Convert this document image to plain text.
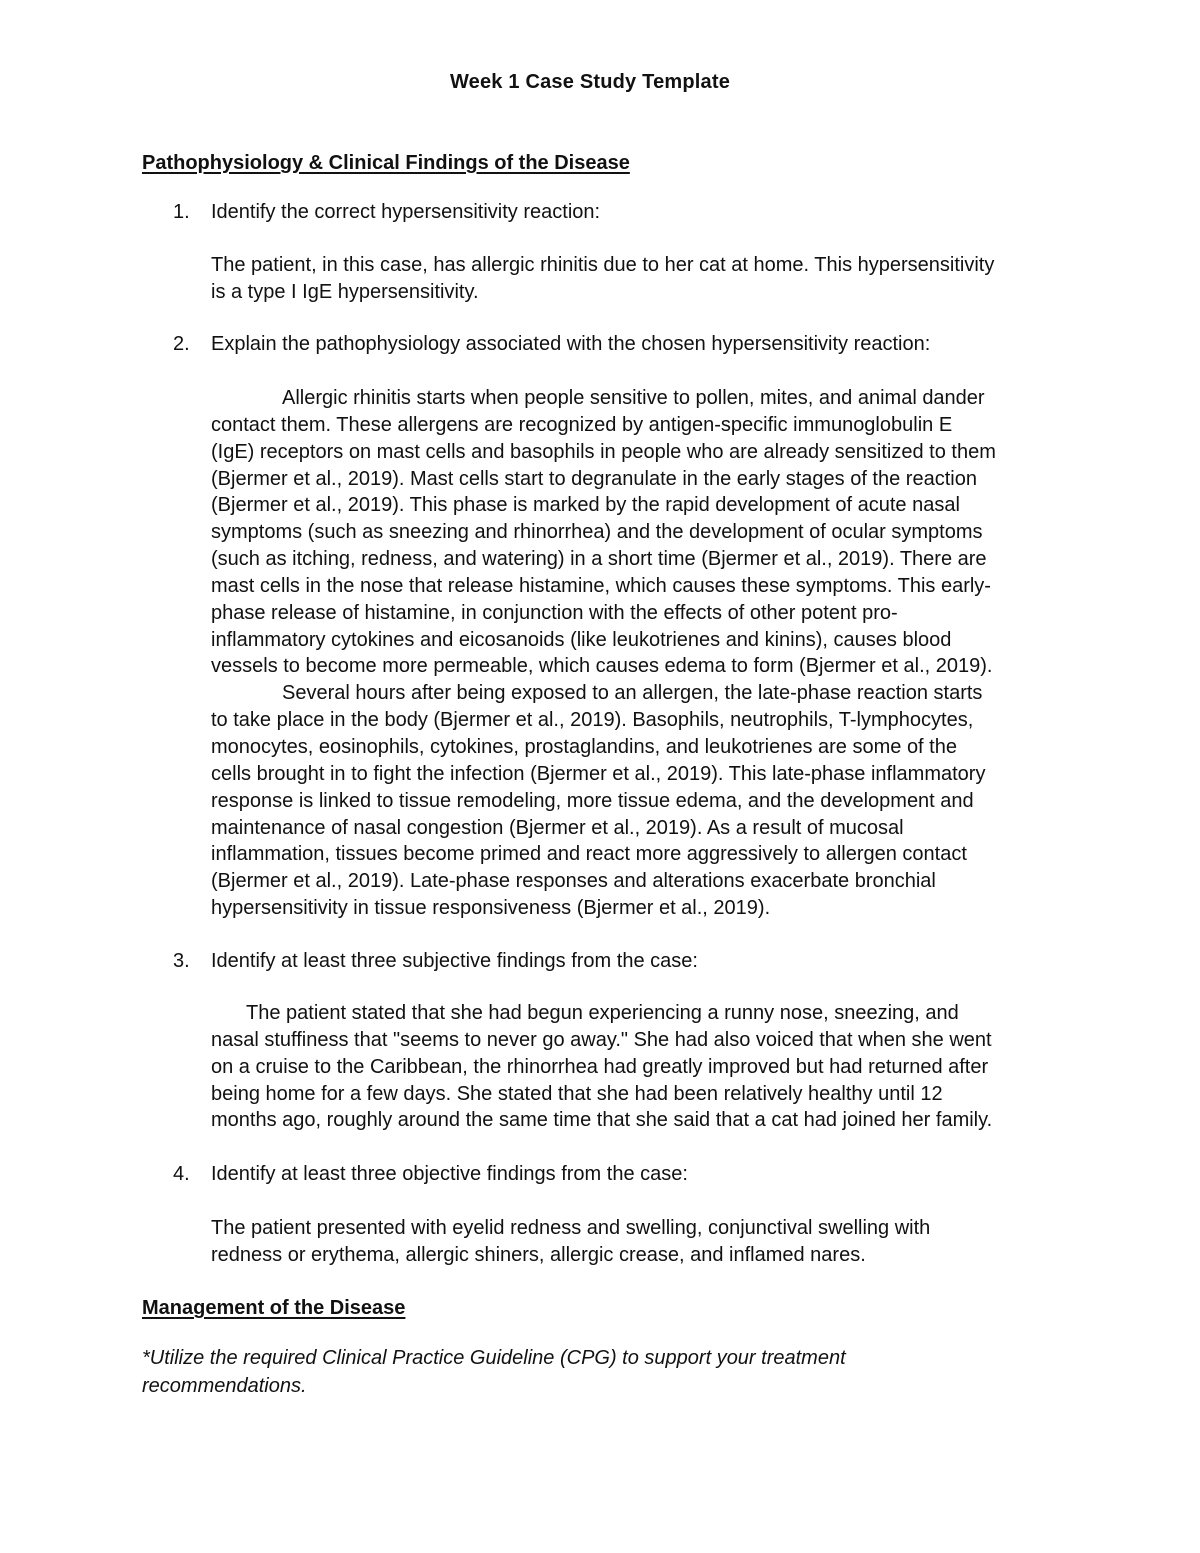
Week 1 Case Study Template
Pathophysiology & Clinical Findings of the Disease
1. Identify the correct hypersensitivity reaction:
The patient, in this case, has allergic rhinitis due to her cat at home. This hypersensitivity
is a type I IgE hypersensitivity.
2. Explain the pathophysiology associated with the chosen hypersensitivity reaction:
Allergic rhinitis starts when people sensitive to pollen, mites, and animal dander
contact them. These allergens are recognized by antigen-specific immunoglobulin E
(IgE) receptors on mast cells and basophils in people who are already sensitized to them
(Bjermer et al., 2019). Mast cells start to degranulate in the early stages of the reaction
(Bjermer et al., 2019). This phase is marked by the rapid development of acute nasal
symptoms (such as sneezing and rhinorrhea) and the development of ocular symptoms
(such as itching, redness, and watering) in a short time (Bjermer et al., 2019). There are
mast cells in the nose that release histamine, which causes these symptoms. This early-
phase release of histamine, in conjunction with the effects of other potent pro-
inflammatory cytokines and eicosanoids (like leukotrienes and kinins), causes blood
vessels to become more permeable, which causes edema to form (Bjermer et al., 2019).
Several hours after being exposed to an allergen, the late-phase reaction starts
to take place in the body (Bjermer et al., 2019). Basophils, neutrophils, T-lymphocytes,
monocytes, eosinophils, cytokines, prostaglandins, and leukotrienes are some of the
cells brought in to fight the infection (Bjermer et al., 2019). This late-phase inflammatory
response is linked to tissue remodeling, more tissue edema, and the development and
maintenance of nasal congestion (Bjermer et al., 2019). As a result of mucosal
inflammation, tissues become primed and react more aggressively to allergen contact
(Bjermer et al., 2019). Late-phase responses and alterations exacerbate bronchial
hypersensitivity in tissue responsiveness (Bjermer et al., 2019).
3. Identify at least three subjective findings from the case:
The patient stated that she had begun experiencing a runny nose, sneezing, and
nasal stuffiness that "seems to never go away." She had also voiced that when she went
on a cruise to the Caribbean, the rhinorrhea had greatly improved but had returned after
being home for a few days. She stated that she had been relatively healthy until 12
months ago, roughly around the same time that she said that a cat had joined her family.
4. Identify at least three objective findings from the case:
The patient presented with eyelid redness and swelling, conjunctival swelling with
redness or erythema, allergic shiners, allergic crease, and inflamed nares.
Management of the Disease
*Utilize the required Clinical Practice Guideline (CPG) to support your treatment
recommendations.
